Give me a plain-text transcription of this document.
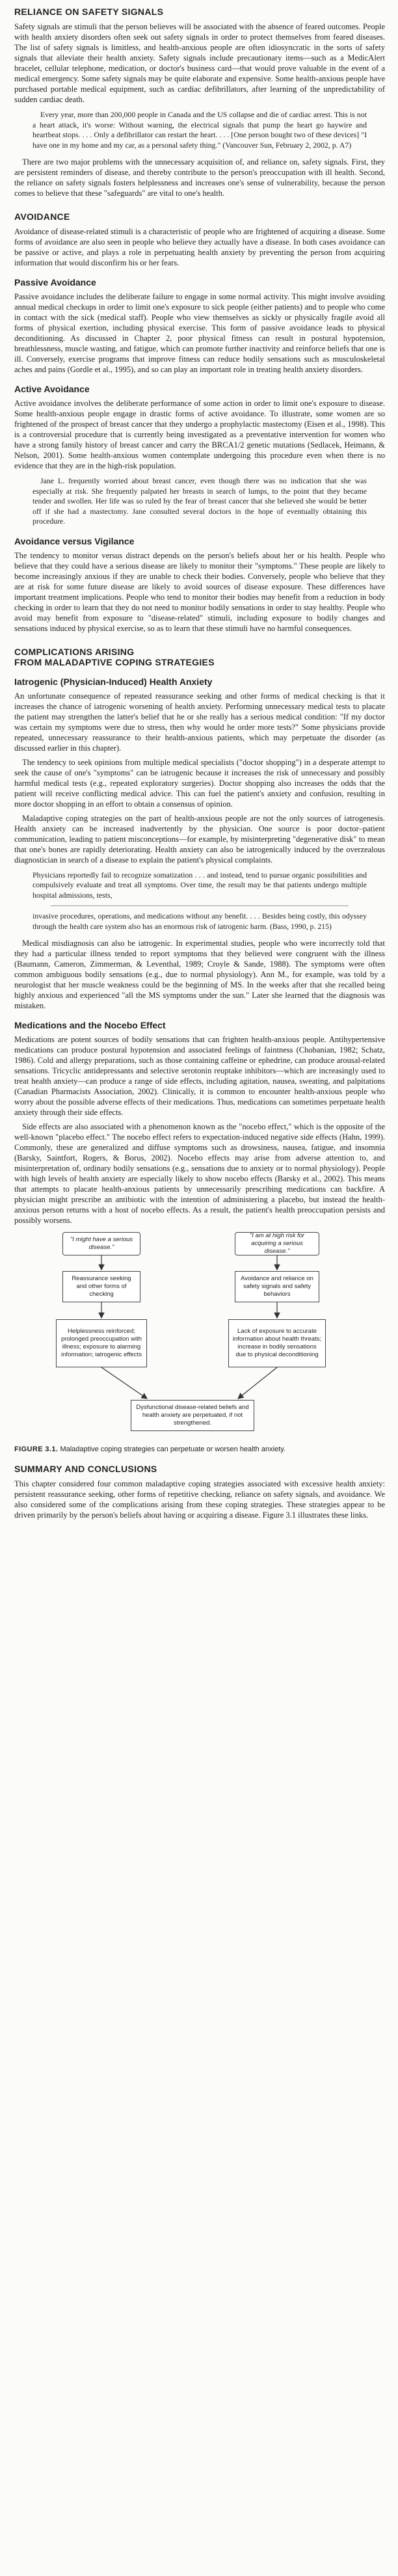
RELIANCE ON SAFETY SIGNALS

Safety signals are stimuli that the person believes will be associated with the absence of feared outcomes. People with health anxiety disorders often seek out safety signals in order to protect themselves from feared diseases. The list of safety signals is limitless, and health-anxious people are often idiosyncratic in the sorts of safety signals that alleviate their health anxiety. Safety signals include precautionary items—such as a MedicAlert bracelet, cellular telephone, medication, or doctor's business card—that would prove valuable in the event of a medical emergency. Some safety signals may be quite elaborate and expensive. Some health-anxious people have purchased portable medical equipment, such as cardiac defibrillators, after learning of the unpredictability of sudden cardiac death.

Every year, more than 200,000 people in Canada and the US collapse and die of cardiac arrest. This is not a heart attack, it's worse: Without warning, the electrical signals that pump the heart go haywire and heartbeat stops. . . . Only a defibrillator can restart the heart. . . . [One person bought two of these devices] "I have one in my home and my car, as a personal safety thing." (Vancouver Sun, February 2, 2002, p. A7)

There are two major problems with the unnecessary acquisition of, and reliance on, safety signals. First, they are persistent reminders of disease, and thereby contribute to the person's preoccupation with ill health. Second, the reliance on safety signals fosters helplessness and increases one's sense of vulnerability, because the person comes to believe that these "safeguards" are vital to one's health.

AVOIDANCE

Avoidance of disease-related stimuli is a characteristic of people who are frightened of acquiring a disease. Some forms of avoidance are also seen in people who believe they actually have a disease. In both cases avoidance can be passive or active, and plays a role in perpetuating health anxiety by preventing the person from acquiring information that would disconfirm his or her fears.

Passive Avoidance

Passive avoidance includes the deliberate failure to engage in some normal activity. This might involve avoiding annual medical checkups in order to limit one's exposure to sick people (either patients) and to people who come in contact with the sick (medical staff). People who view themselves as sickly or physically fragile avoid all forms of physical exertion, including physical exercise. This form of passive avoidance leads to physical deconditioning. As discussed in Chapter 2, poor physical fitness can result in postural hypotension, breathlessness, muscle wasting, and fatigue, which can promote further inactivity and reinforce beliefs that one is ill. Conversely, exercise programs that improve fitness can reduce bodily sensations such as musculoskeletal aches and pains (Gordle et al., 1995), and so can play an important role in treating health anxiety disorders.

Active Avoidance

Active avoidance involves the deliberate performance of some action in order to limit one's exposure to disease. Some health-anxious people engage in drastic forms of active avoidance. To illustrate, some women are so frightened of the prospect of breast cancer that they undergo a prophylactic mastectomy (Eisen et al., 1998). This is a controversial procedure that is currently being investigated as a preventative intervention for women who have a strong family history of breast cancer and carry the BRCA1/2 genetic mutations (Sedlacek, Heimann, & Nelson, 2001). Some health-anxious women contemplate undergoing this procedure even when there is no evidence that they are in the high-risk population.

Jane L. frequently worried about breast cancer, even though there was no indication that she was especially at risk. She frequently palpated her breasts in search of lumps, to the point that they became tender and swollen. Her life was so ruled by the fear of breast cancer that she believed she would be better off if she had a mastectomy. Jane consulted several doctors in the hope of eventually obtaining this procedure.

Avoidance versus Vigilance

The tendency to monitor versus distract depends on the person's beliefs about her or his health. People who believe that they could have a serious disease are likely to monitor their "symptoms." These people are likely to become increasingly anxious if they are unable to check their bodies. Conversely, people who believe that they are at risk for some future disease are likely to avoid sources of disease exposure. These differences have important treatment implications. People who tend to monitor their bodies may benefit from a reduction in body checking in order to learn that they do not need to monitor bodily sensations in order to stay healthy. People who avoid may benefit from exposure to "disease-related" stimuli, including exposure to bodily changes and sensations induced by physical exercise, so as to learn that these stimuli have no harmful consequences.

COMPLICATIONS ARISING
FROM MALADAPTIVE COPING STRATEGIES
Iatrogenic (Physician-Induced) Health Anxiety

An unfortunate consequence of repeated reassurance seeking and other forms of medical checking is that it increases the chance of iatrogenic worsening of health anxiety. Performing unnecessary medical tests to placate the patient may strengthen the latter's belief that he or she really has a serious medical condition: "If my doctor was certain my symptoms were due to stress, then why would he order more tests?" Some physicians provide repeated, unnecessary reassurance to their health-anxious patients, which may perpetuate the disorder (as discussed earlier in this chapter).

The tendency to seek opinions from multiple medical specialists ("doctor shopping") in a desperate attempt to seek the cause of one's "symptoms" can be iatrogenic because it increases the risk of unnecessary and possibly harmful medical tests (e.g., repeated exploratory surgeries). Doctor shopping also increases the odds that the patient will receive conflicting medical advice. This can fuel the patient's anxiety and confusion, resulting in more doctor shopping in an effort to obtain a consensus of opinion.

Maladaptive coping strategies on the part of health-anxious people are not the only sources of iatrogenesis. Health anxiety can be increased inadvertently by the physician. One source is poor doctor–patient communication, leading to patient misconceptions—for example, by misinterpreting "degenerative disk" to mean that one's bones are rapidly deteriorating. Health anxiety can also be iatrogenically induced by the overzealous diagnostician in search of a disease to explain the patient's physical complaints.

Physicians reportedly fail to recognize somatization . . . and instead, tend to pursue organic possibilities and compulsively evaluate and treat all symptoms. Over time, the result may be that patients undergo multiple hospital admissions, tests,

invasive procedures, operations, and medications without any benefit. . . . Besides being costly, this odyssey through the health care system also has an enormous risk of iatrogenic harm. (Bass, 1990, p. 215)

Medical misdiagnosis can also be iatrogenic. In experimental studies, people who were incorrectly told that they had a particular illness tended to report symptoms that they believed were congruent with the illness (Baumann, Cameron, Zimmerman, & Leventhal, 1989; Croyle & Sande, 1988). The symptoms were often common ambiguous bodily sensations (e.g., due to normal physiology). Ann M., for example, was told by a neurologist that her muscle weakness could be the beginning of MS. In the weeks after that she recalled being highly anxious and experienced "all the MS symptoms under the sun." Later she learned that the diagnosis was mistaken.

Medications and the Nocebo Effect

Medications are potent sources of bodily sensations that can frighten health-anxious people. Antihypertensive medications can produce postural hypotension and associated feelings of faintness (Chobanian, 1982; Schatz, 1986). Cold and allergy preparations, such as those containing caffeine or ephedrine, can produce arousal-related sensations. Tricyclic antidepressants and selective serotonin reuptake inhibitors—which are increasingly used to treat health anxiety—can produce a range of side effects, including agitation, nausea, sweating, and palpitations (Canadian Pharmacists Association, 2002). Clinically, it is common to encounter health-anxious people who worry about the possible adverse effects of their medications. Thus, medications can sometimes perpetuate health anxiety through their side effects.

Side effects are also associated with a phenomenon known as the "nocebo effect," which is the opposite of the well-known "placebo effect." The nocebo effect refers to expectation-induced negative side effects (Hahn, 1999). Commonly, these are generalized and diffuse symptoms such as drowsiness, nausea, fatigue, and insomnia (Barsky, Saintfort, Rogers, & Borus, 2002). Nocebo effects may arise from adverse attention to, and misinterpretation of, ordinary bodily sensations (e.g., sensations due to anxiety or to normal physiology). People with high levels of health anxiety are especially likely to show nocebo effects (Barsky et al., 2002). This means that attempts to placate health-anxious patients by unnecessarily prescribing medications can backfire. A physician might prescribe an antibiotic with the intention of administering a placebo, but instead the health-anxious person returns with a host of nocebo effects. As a result, the patient's health preoccupation persists and possibly worsens.

"I might have a serious disease."
"I am at high risk for acquiring a serious disease."
Reassurance seeking and other forms of checking
Avoidance and reliance on safety signals and safety behaviors
Helplessness reinforced; prolonged preoccupation with illness; exposure to alarming information; iatrogenic effects
Lack of exposure to accurate information about health threats; increase in bodily sensations due to physical deconditioning
Dysfunctional disease-related beliefs and health anxiety are perpetuated, if not strengthened.
FIGURE 3.1. Maladaptive coping strategies can perpetuate or worsen health anxiety.
SUMMARY AND CONCLUSIONS

This chapter considered four common maladaptive coping strategies associated with excessive health anxiety: persistent reassurance seeking, other forms of repetitive checking, reliance on safety signals, and avoidance. We also considered some of the complications arising from these coping strategies. These strategies appear to be driven primarily by the person's beliefs about having or acquiring a disease. Figure 3.1 illustrates these links.
